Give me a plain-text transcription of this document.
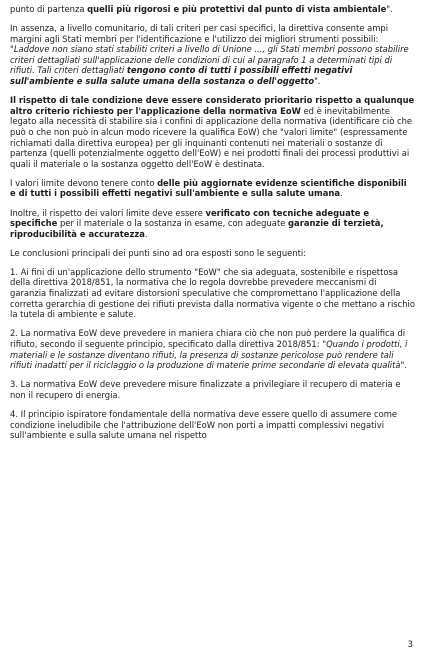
punto di partenza quelli più rigorosi e più protettivi dal punto di vista ambientale".

In assenza, a livello comunitario, di tali criteri per casi specifici, la direttiva consente ampi margini agli Stati membri per l'identificazione e l'utilizzo dei migliori strumenti possibili: "Laddove non siano stati stabiliti criteri a livello di Unione ..., gli Stati membri possono stabilire criteri dettagliati sull'applicazione delle condizioni di cui al paragrafo 1 a determinati tipi di rifiuti. Tali criteri dettagliati tengono conto di tutti i possibili effetti negativi sull'ambiente e sulla salute umana della sostanza o dell'oggetto".

Il rispetto di tale condizione deve essere considerato prioritario rispetto a qualunque altro criterio richiesto per l'applicazione della normativa EoW ed è inevitabilmente legato alla necessità di stabilire sia i confini di applicazione della normativa (identificare ciò che può o che non può in alcun modo ricevere la qualifica EoW) che "valori limite" (espressamente richiamati dalla direttiva europea) per gli inquinanti contenuti nei materiali o sostanze di partenza (quelli potenzialmente oggetto dell'EoW) e nei prodotti finali dei processi produttivi ai quali il materiale o la sostanza oggetto dell'EoW è destinata.

I valori limite devono tenere conto delle più aggiornate evidenze scientifiche disponibili e di tutti i possibili effetti negativi sull'ambiente e sulla salute umana.

Inoltre, il rispetto dei valori limite deve essere verificato con tecniche adeguate e specifiche per il materiale o la sostanza in esame, con adeguate garanzie di terzietà, riproducibilità e accuratezza.

Le conclusioni principali dei punti sino ad ora esposti sono le seguenti:

1. Ai fini di un'applicazione dello strumento "EoW" che sia adeguata, sostenibile e rispettosa della direttiva 2018/851, la normativa che lo regola dovrebbe prevedere meccanismi di garanzia finalizzati ad evitare distorsioni speculative che compromettano l'applicazione della corretta gerarchia di gestione dei rifiuti prevista dalla normativa vigente o che mettano a rischio la tutela di ambiente e salute.

2. La normativa EoW deve prevedere in maniera chiara ciò che non può perdere la qualifica di rifiuto, secondo il seguente principio, specificato dalla direttiva 2018/851: "Quando i prodotti, i materiali e le sostanze diventano rifiuti, la presenza di sostanze pericolose può rendere tali rifiuti inadatti per il riciclaggio o la produzione di materie prime secondarie di elevata qualità".

3. La normativa EoW deve prevedere misure finalizzate a privilegiare il recupero di materia e non il recupero di energia.

4. Il principio ispiratore fondamentale della normativa deve essere quello di assumere come condizione ineludibile che l'attribuzione dell'EoW non porti a impatti complessivi negativi sull'ambiente e sulla salute umana nel rispetto

3
